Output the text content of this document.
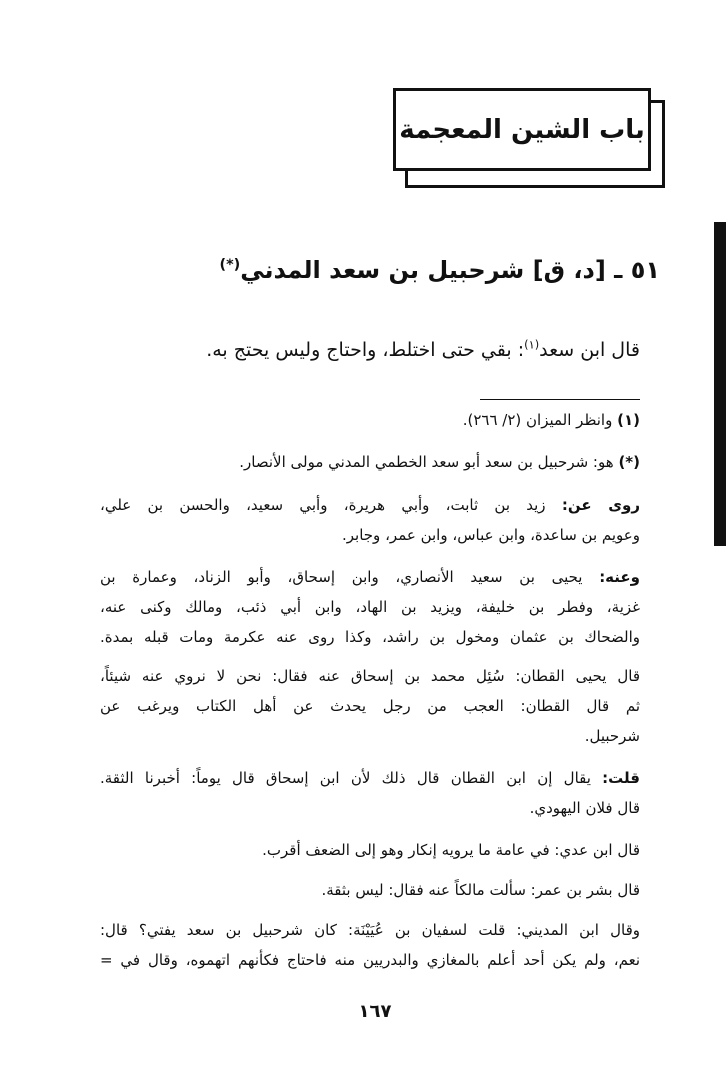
باب الشين المعجمة
٥١ ـ [د، ق] شرحبيل بن سعد المدني(*)
قال ابن سعد$^{(١)}$: بقي حتى اختلط، واحتاج وليس يحتج به.
(١) وانظر الميزان (٢/ ٢٦٦).
(*) هو: شرحبيل بن سعد أبو سعد الخطمي المدني مولى الأنصار.
روى عن: زيد بن ثابت، وأبي هريرة، وأبي سعيد، والحسن بن علي،
وعويم بن ساعدة، وابن عباس، وابن عمر، وجابر.
وعنه: يحيى بن سعيد الأنصاري، وابن إسحاق، وأبو الزناد، وعمارة بن
غزية، وفطر بن خليفة، ويزيد بن الهاد، وابن أبي ذئب، ومالك وكنى عنه،
والضحاك بن عثمان ومخول بن راشد، وكذا روى عنه عكرمة ومات قبله بمدة.
قال يحيى القطان: سُئِل محمد بن إسحاق عنه فقال: نحن لا نروي عنه شيئاً،
ثم قال القطان: العجب من رجل يحدث عن أهل الكتاب ويرغب عن
شرحبيل.
قلت: يقال إن ابن القطان قال ذلك لأن ابن إسحاق قال يوماً: أخبرنا الثقة.
قال فلان اليهودي.
قال ابن عدي: في عامة ما يرويه إنكار وهو إلى الضعف أقرب.
قال بشر بن عمر: سألت مالكاً عنه فقال: ليس بثقة.
وقال ابن المديني: قلت لسفيان بن عُيَيْنَة: كان شرحبيل بن سعد يفتي؟ قال:
نعم، ولم يكن أحد أعلم بالمغازي والبدريين منه فاحتاج فكأنهم اتهموه، وقال في =
١٦٧
